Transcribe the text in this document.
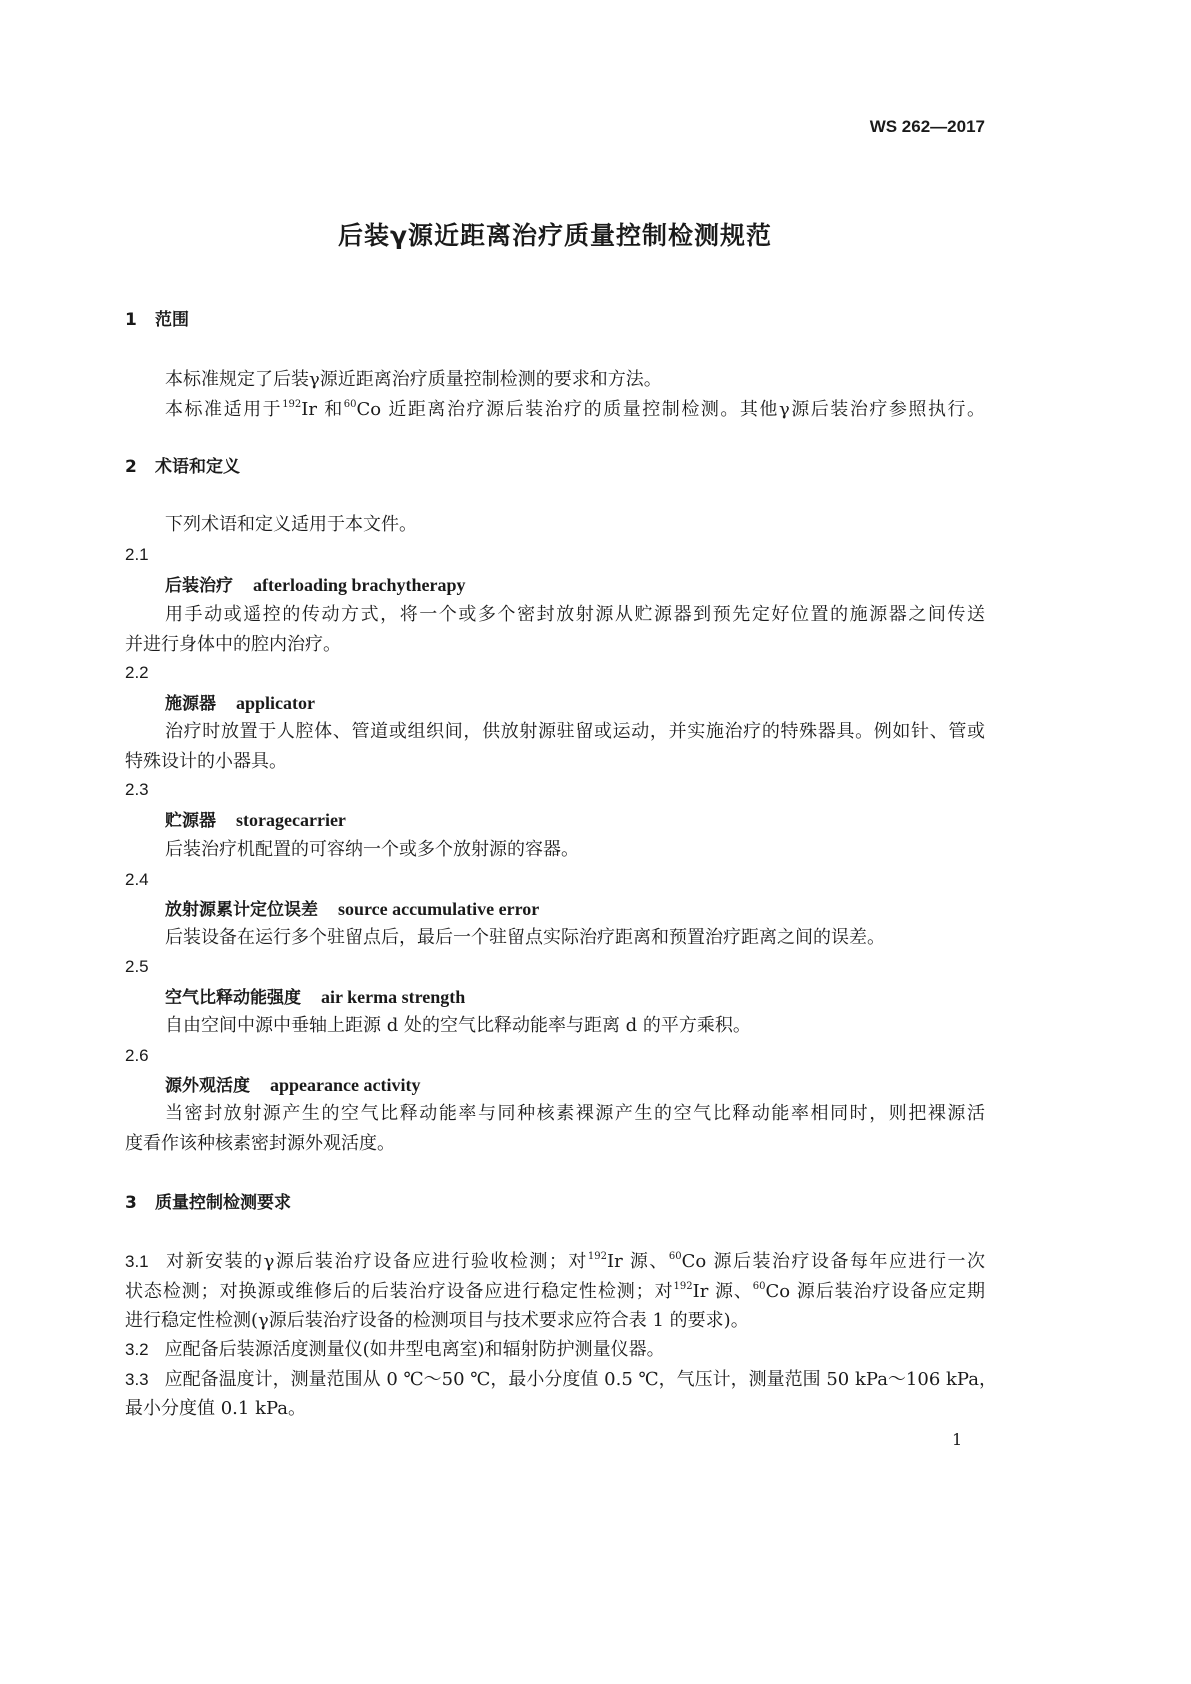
WS 262—2017
后装γ源近距离治疗质量控制检测规范
1 范围
本标准规定了后装γ源近距离治疗质量控制检测的要求和方法。
本标准适用于$^{192}$Ir 和$^{60}$Co 近距离治疗源后装治疗的质量控制检测。其他γ源后装治疗参照执行。
2 术语和定义
下列术语和定义适用于本文件。
2.1
后装治疗 afterloading brachytherapy
用手动或遥控的传动方式，将一个或多个密封放射源从贮源器到预先定好位置的施源器之间传送
并进行身体中的腔内治疗。
2.2
施源器 applicator
治疗时放置于人腔体、管道或组织间，供放射源驻留或运动，并实施治疗的特殊器具。例如针、管或
特殊设计的小器具。
2.3
贮源器 storagecarrier
后装治疗机配置的可容纳一个或多个放射源的容器。
2.4
放射源累计定位误差 source accumulative error
后装设备在运行多个驻留点后，最后一个驻留点实际治疗距离和预置治疗距离之间的误差。
2.5
空气比释动能强度 air kerma strength
自由空间中源中垂轴上距源 d 处的空气比释动能率与距离 d 的平方乘积。
2.6
源外观活度 appearance activity
当密封放射源产生的空气比释动能率与同种核素裸源产生的空气比释动能率相同时，则把裸源活
度看作该种核素密封源外观活度。
3 质量控制检测要求
3.1 对新安装的γ源后装治疗设备应进行验收检测；对$^{192}$Ir 源、$^{60}$Co 源后装治疗设备每年应进行一次
状态检测；对换源或维修后的后装治疗设备应进行稳定性检测；对$^{192}$Ir 源、$^{60}$Co 源后装治疗设备应定期
进行稳定性检测(γ源后装治疗设备的检测项目与技术要求应符合表 1 的要求)。
3.2 应配备后装源活度测量仪(如井型电离室)和辐射防护测量仪器。
3.3 应配备温度计，测量范围从 0 ℃～50 ℃，最小分度值 0.5 ℃，气压计，测量范围 50 kPa～106 kPa，
最小分度值 0.1 kPa。
1
